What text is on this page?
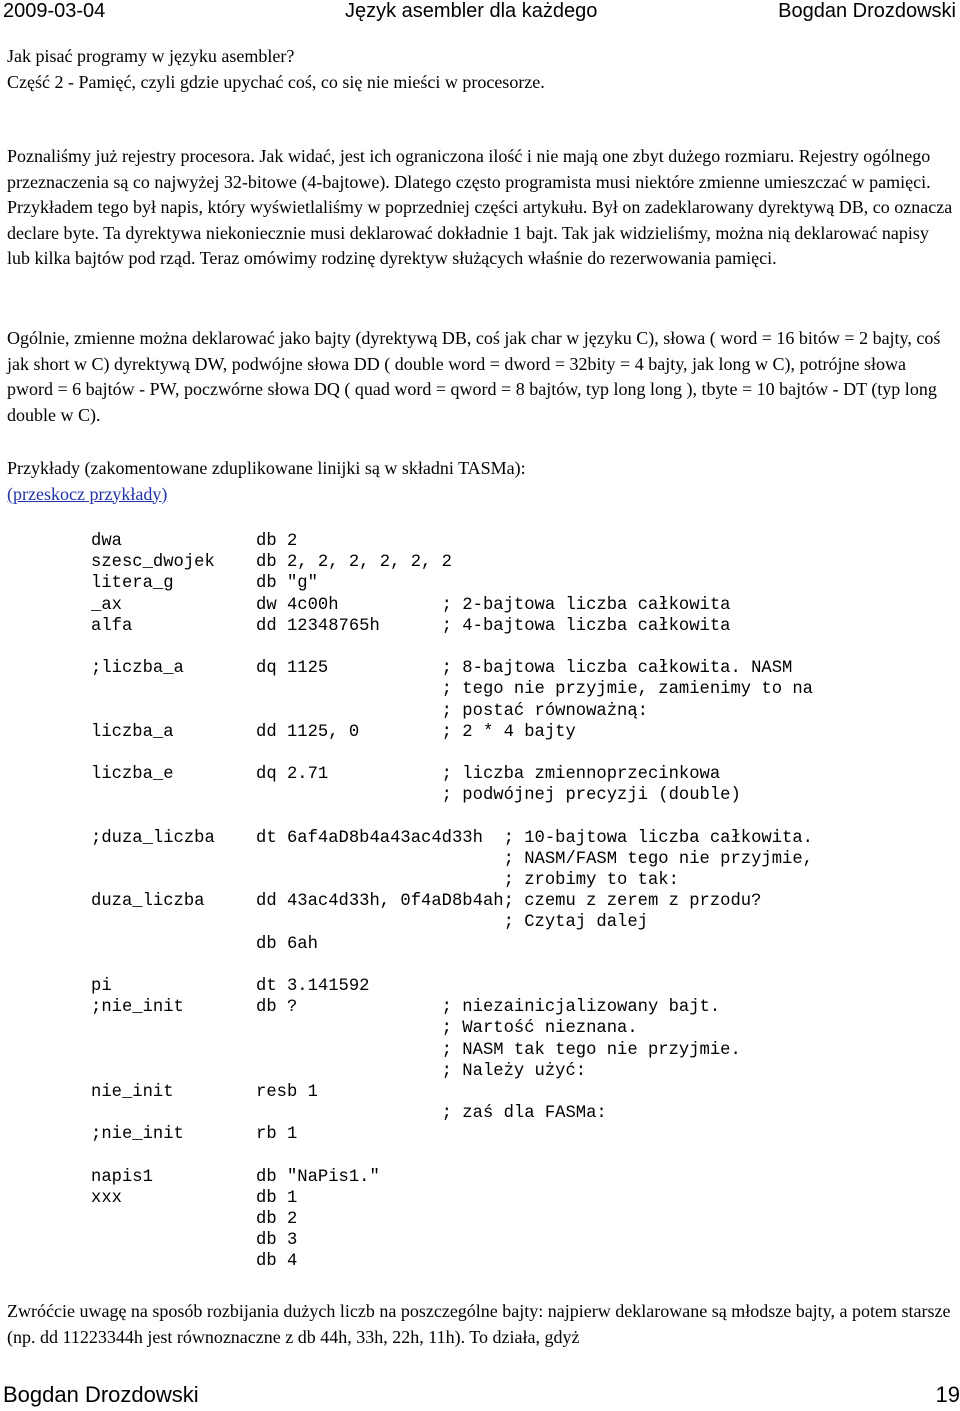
2009-03-04	Język asembler dla każdego	Bogdan Drozdowski

Jak pisać programy w języku asembler?

Część 2 - Pamięć, czyli gdzie upychać coś, co się nie mieści w procesorze.

Poznaliśmy już rejestry procesora. Jak widać, jest ich ograniczona ilość i nie mają one zbyt dużego rozmiaru. Rejestry ogólnego przeznaczenia są co najwyżej 32-bitowe (4-bajtowe). Dlatego często programista musi niektóre zmienne umieszczać w pamięci. Przykładem tego był napis, który wyświetlaliśmy w poprzedniej części artykułu. Był on zadeklarowany dyrektywą DB, co oznacza declare byte. Ta dyrektywa niekoniecznie musi deklarować dokładnie 1 bajt. Tak jak widzieliśmy, można nią deklarować napisy lub kilka bajtów pod rząd. Teraz omówimy rodzinę dyrektyw służących właśnie do rezerwowania pamięci.

Ogólnie, zmienne można deklarować jako bajty (dyrektywą DB, coś jak char w języku C), słowa ( word = 16 bitów = 2 bajty, coś jak short w C) dyrektywą DW, podwójne słowa DD ( double word = dword = 32bity = 4 bajty, jak long w C), potrójne słowa pword = 6 bajtów - PW, poczwórne słowa DQ ( quad word = qword = 8 bajtów, typ long long ), tbyte = 10 bajtów - DT (typ long double w C).

Przykłady (zakomentowane zduplikowane linijki są w składni TASMa):

(przeskocz przykłady)

dwa             db 2
szesc_dwojek    db 2, 2, 2, 2, 2, 2
litera_g        db "g"
_ax             dw 4c00h          ; 2-bajtowa liczba całkowita
alfa            dd 12348765h      ; 4-bajtowa liczba całkowita
;liczba_a       dq 1125           ; 8-bajtowa liczba całkowita. NASM
; tego nie przyjmie, zamienimy to na
; postać równoważną:
liczba_a        dd 1125, 0        ; 2 * 4 bajty
liczba_e        dq 2.71           ; liczba zmiennoprzecinkowa
; podwójnej precyzji (double)
;duza_liczba    dt 6af4aD8b4a43ac4d33h  ; 10-bajtowa liczba całkowita.
; NASM/FASM tego nie przyjmie,
; zrobimy to tak:
duza_liczba     dd 43ac4d33h, 0f4aD8b4ah; czemu z zerem z przodu?
; Czytaj dalej
db 6ah
pi              dt 3.141592
;nie_init       db ?              ; niezainicjalizowany bajt.
; Wartość nieznana.
; NASM tak tego nie przyjmie.
; Należy użyć:
nie_init        resb 1
; zaś dla FASMa:
;nie_init       rb 1
napis1          db "NaPis1."
xxx             db 1
db 2
db 3
db 4

Zwróćcie uwagę na sposób rozbijania dużych liczb na poszczególne bajty: najpierw deklarowane są młodsze bajty, a potem starsze (np. dd 11223344h jest równoznaczne z db 44h, 33h, 22h, 11h). To działa, gdyż

Bogdan Drozdowski	19
